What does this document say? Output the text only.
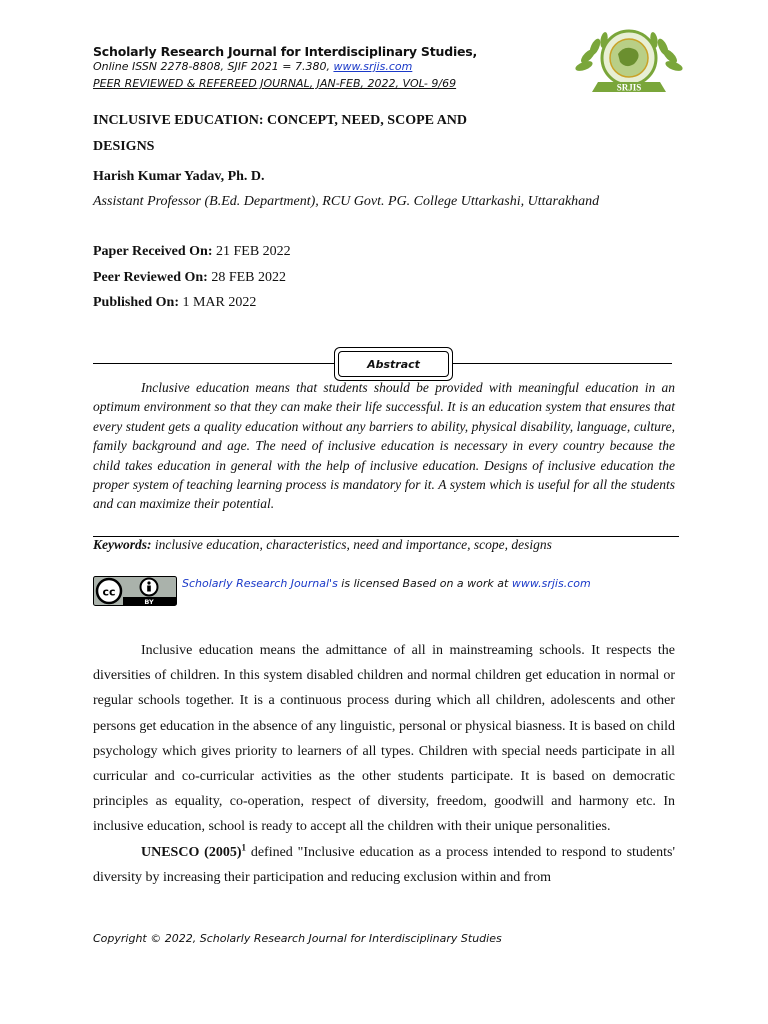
Scholarly Research Journal for Interdisciplinary Studies,
Online ISSN 2278-8808, SJIF 2021 = 7.380, www.srjis.com
PEER REVIEWED & REFEREED JOURNAL, JAN-FEB, 2022, VOL- 9/69	SRJIS
INCLUSIVE EDUCATION: CONCEPT, NEED, SCOPE AND
DESIGNS
Harish Kumar Yadav, Ph. D.
Assistant Professor (B.Ed. Department), RCU Govt. PG. College Uttarkashi, Uttarakhand
Paper Received On: 21 FEB 2022
Peer Reviewed On: 28 FEB 2022
Published On: 1 MAR 2022
Abstract

Inclusive education means that students should be provided with meaningful education in an optimum environment so that they can make their life successful. It is an education system that ensures that every student gets a quality education without any barriers to ability, physical disability, language, culture, family background and age. The need of inclusive education is necessary in every country because the child takes education in general with the help of inclusive education. Designs of inclusive education the proper system of teaching learning process is mandatory for it. A system which is useful for all the students and can maximize their potential.

Keywords: inclusive education, characteristics, need and importance, scope, designs
cc
BY
Scholarly Research Journal's is licensed Based on a work at www.srjis.com

Inclusive education means the admittance of all in mainstreaming schools. It respects the diversities of children. In this system disabled children and normal children get education in normal or regular schools together. It is a continuous process during which all children, adolescents and other persons get education in the absence of any linguistic, personal or physical biasness. It is based on child psychology which gives priority to learners of all types. Children with special needs participate in all curricular and co-curricular activities as the other students participate. It is based on democratic principles as equality, co-operation, respect of diversity, freedom, goodwill and harmony etc. In inclusive education, school is ready to accept all the children with their unique personalities.

UNESCO $(2005)^1$ defined "Inclusive education as a process intended to respond to students' diversity by increasing their participation and reducing exclusion within and from

Copyright © 2022, Scholarly Research Journal for Interdisciplinary Studies
